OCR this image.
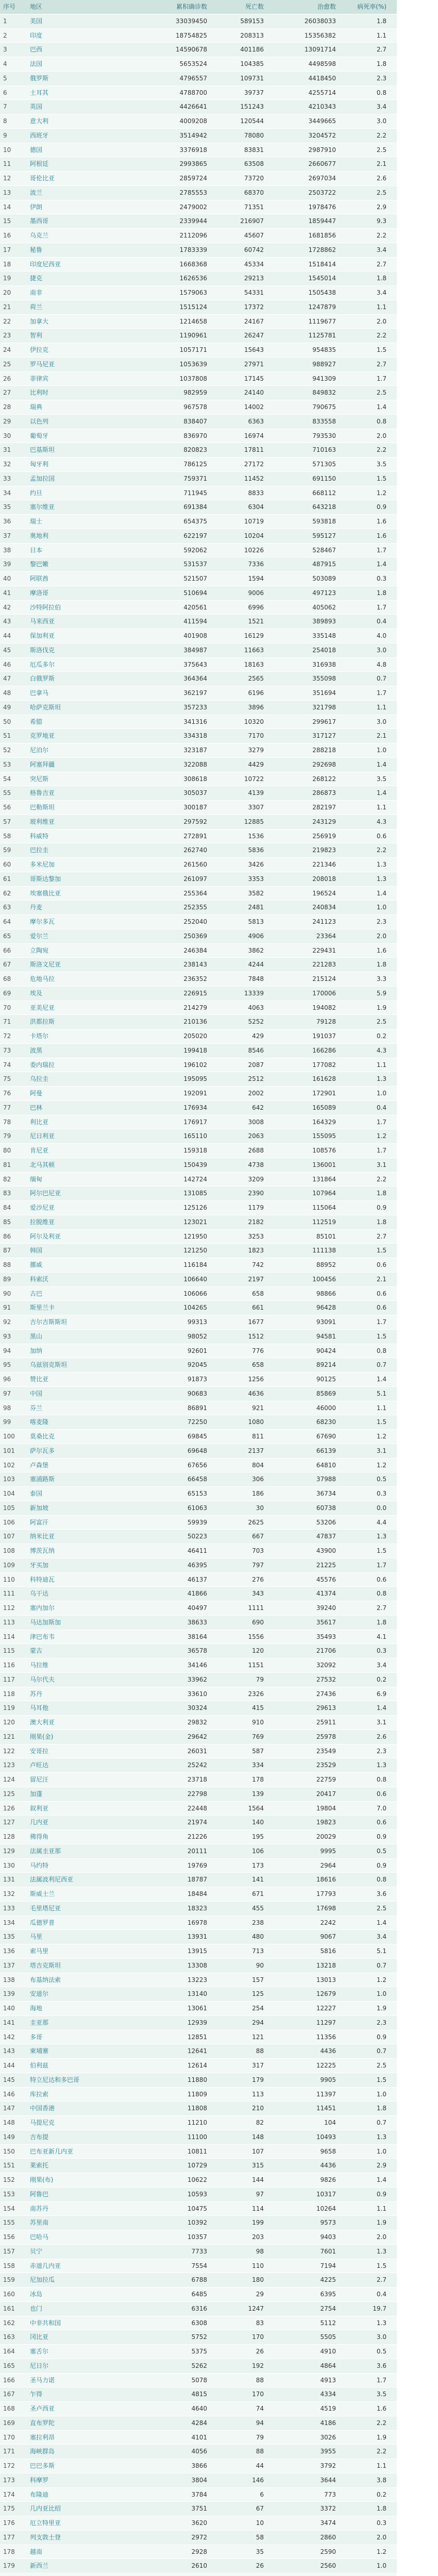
序号	地区	累积确诊数	死亡数	治愈数	病死率(%)
1	美国	33039450	589153	26038033	1.8
2	印度	18754825	208313	15356382	1.1
3	巴西	14590678	401186	13091714	2.7
4	法国	5653524	104385	4498598	1.8
5	俄罗斯	4796557	109731	4418450	2.3
6	土耳其	4788700	39737	4255714	0.8
7	英国	4426641	151243	4210343	3.4
8	意大利	4009208	120544	3449665	3.0
9	西班牙	3514942	78080	3204572	2.2
10	德国	3376918	83831	2987910	2.5
11	阿根廷	2993865	63508	2660677	2.1
12	哥伦比亚	2859724	73720	2697034	2.6
13	波兰	2785553	68370	2503722	2.5
14	伊朗	2479002	71351	1978476	2.9
15	墨西哥	2339944	216907	1859447	9.3
16	乌克兰	2112096	45607	1681856	2.2
17	秘鲁	1783339	60742	1728862	3.4
18	印度尼西亚	1668368	45334	1518414	2.7
19	捷克	1626536	29213	1545014	1.8
20	南非	1579063	54331	1505438	3.4
21	荷兰	1515124	17372	1247879	1.1
22	加拿大	1214658	24167	1119677	2.0
23	智利	1190961	26247	1125781	2.2
24	伊拉克	1057171	15643	954835	1.5
25	罗马尼亚	1053639	27971	988927	2.7
26	菲律宾	1037808	17145	941309	1.7
27	比利时	982959	24140	849832	2.5
28	瑞典	967578	14002	790675	1.4
29	以色列	838407	6363	833558	0.8
30	葡萄牙	836970	16974	793530	2.0
31	巴基斯坦	820823	17811	710163	2.2
32	匈牙利	786125	27172	571305	3.5
33	孟加拉国	759371	11452	691150	1.5
34	约旦	711945	8833	668112	1.2
35	塞尔维亚	691384	6304	643218	0.9
36	瑞士	654375	10719	593818	1.6
37	奥地利	622197	10204	595127	1.6
38	日本	592062	10226	528467	1.7
39	黎巴嫩	531537	7336	487915	1.4
40	阿联酋	521507	1594	503089	0.3
41	摩洛哥	510694	9006	497123	1.8
42	沙特阿拉伯	420561	6996	405062	1.7
43	马来西亚	411594	1521	389893	0.4
44	保加利亚	401908	16129	335148	4.0
45	斯洛伐克	384987	11663	254018	3.0
46	厄瓜多尔	375643	18163	316938	4.8
47	白俄罗斯	364364	2565	355098	0.7
48	巴拿马	362197	6196	351694	1.7
49	哈萨克斯坦	357233	3896	321798	1.1
50	希腊	341316	10320	299617	3.0
51	克罗地亚	334318	7170	317127	2.1
52	尼泊尔	323187	3279	288218	1.0
53	阿塞拜疆	322088	4429	292698	1.4
54	突尼斯	308618	10722	268122	3.5
55	格鲁吉亚	305037	4139	286873	1.4
56	巴勒斯坦	300187	3307	282197	1.1
57	玻利维亚	297592	12885	243129	4.3
58	科威特	272891	1536	256919	0.6
59	巴拉圭	262740	5836	219823	2.2
60	多米尼加	261560	3426	221346	1.3
61	哥斯达黎加	261097	3353	208018	1.3
62	埃塞俄比亚	255364	3582	196524	1.4
63	丹麦	252355	2481	240834	1.0
64	摩尔多瓦	252040	5813	241123	2.3
65	爱尔兰	250369	4906	23364	2.0
66	立陶宛	246384	3862	229431	1.6
67	斯洛文尼亚	238143	4244	221283	1.8
68	危地马拉	236352	7848	215124	3.3
69	埃及	226915	13339	170006	5.9
70	亚美尼亚	214279	4063	194082	1.9
71	洪都拉斯	210136	5252	79128	2.5
72	卡塔尔	205020	429	191037	0.2
73	波黑	199418	8546	166286	4.3
74	委内瑞拉	196102	2087	177082	1.1
75	乌拉圭	195095	2512	161628	1.3
76	阿曼	192091	2002	172901	1.0
77	巴林	176934	642	165089	0.4
78	利比亚	176917	3008	164329	1.7
79	尼日利亚	165110	2063	155095	1.2
80	肯尼亚	159318	2688	108576	1.7
81	北马其顿	150439	4738	136001	3.1
82	缅甸	142724	3209	131864	2.2
83	阿尔巴尼亚	131085	2390	107964	1.8
84	爱沙尼亚	125126	1179	115064	0.9
85	拉脱维亚	123021	2182	112519	1.8
86	阿尔及利亚	121950	3253	85101	2.7
87	韩国	121250	1823	111138	1.5
88	挪威	116184	742	88952	0.6
89	科索沃	106640	2197	100456	2.1
90	古巴	106066	658	98866	0.6
91	斯里兰卡	104265	661	96428	0.6
92	吉尔吉斯斯坦	99313	1677	93091	1.7
93	黑山	98052	1512	94581	1.5
94	加纳	92601	776	90424	0.8
95	乌兹别克斯坦	92045	658	89214	0.7
96	赞比亚	91873	1256	90125	1.4
97	中国	90683	4636	85869	5.1
98	芬兰	86891	921	46000	1.1
99	喀麦隆	72250	1080	68230	1.5
100	莫桑比克	69845	811	67690	1.2
101	萨尔瓦多	69648	2137	66139	3.1
102	卢森堡	67656	804	64810	1.2
103	塞浦路斯	66458	306	37988	0.5
104	泰国	65153	186	36734	0.3
105	新加坡	61063	30	60738	0.0
106	阿富汗	59939	2625	53206	4.4
107	纳米比亚	50223	667	47837	1.3
108	博茨瓦纳	46411	703	43900	1.5
109	牙买加	46395	797	21225	1.7
110	科特迪瓦	46137	276	45576	0.6
111	乌干达	41866	343	41374	0.8
112	塞内加尔	40497	1111	39240	2.7
113	马达加斯加	38633	690	35617	1.8
114	津巴布韦	38164	1556	35493	4.1
115	蒙古	36578	120	21706	0.3
116	马拉维	34146	1151	32092	3.4
117	马尔代夫	33962	79	27532	0.2
118	苏丹	33610	2326	27436	6.9
119	马耳他	30324	415	29613	1.4
120	澳大利亚	29832	910	25911	3.1
121	刚果(金)	29642	769	25978	2.6
122	安哥拉	26031	587	23549	2.3
123	卢旺达	25242	334	23529	1.3
124	留尼汪	23718	178	22759	0.8
125	加蓬	22798	139	20417	0.6
126	叙利亚	22448	1564	19804	7.0
127	几内亚	21974	140	19823	0.6
128	佛得角	21226	195	20029	0.9
129	法属圭亚那	20111	106	9995	0.5
130	马约特	19769	173	2964	0.9
131	法属波利尼西亚	18787	141	18616	0.8
132	斯威士兰	18484	671	17793	3.6
133	毛里塔尼亚	18323	455	17698	2.5
134	瓜德罗普	16978	238	2242	1.4
135	马里	13931	480	9067	3.4
136	索马里	13915	713	5816	5.1
137	塔吉克斯坦	13308	90	13218	0.7
138	布基纳法索	13223	157	13013	1.2
139	安道尔	13140	125	12679	1.0
140	海地	13061	254	12227	1.9
141	圭亚那	12939	294	11297	2.3
142	多哥	12851	121	11356	0.9
143	柬埔寨	12641	88	4436	0.7
144	伯利兹	12614	317	12225	2.5
145	特立尼达和多巴哥	11880	179	9905	1.5
146	库拉索	11809	113	11397	1.0
147	中国香港	11808	210	11451	1.8
148	马提尼克	11210	82	104	0.7
149	吉布提	11100	148	10493	1.3
150	巴布亚新几内亚	10811	107	9658	1.0
151	莱索托	10729	315	4436	2.9
152	刚果(布)	10622	144	9826	1.4
153	阿鲁巴	10593	97	10317	0.9
154	南苏丹	10475	114	10264	1.1
155	苏里南	10392	199	9573	1.9
156	巴哈马	10357	203	9403	2.0
157	贝宁	7733	98	7601	1.3
158	赤道几内亚	7554	110	7194	1.5
159	尼加拉瓜	6788	180	4225	2.7
160	冰岛	6485	29	6395	0.4
161	也门	6316	1247	2754	19.7
162	中非共和国	6308	83	5112	1.3
163	冈比亚	5752	170	5505	3.0
164	塞舌尔	5375	26	4910	0.5
165	尼日尔	5262	192	4864	3.6
166	圣马力诺	5078	88	4913	1.7
167	乍得	4815	170	4334	3.5
168	圣卢西亚	4640	74	4519	1.6
169	直布罗陀	4284	94	4186	2.2
170	塞拉利昂	4101	79	3026	1.9
171	海峡群岛	4056	88	3955	2.2
172	巴巴多斯	3866	44	3792	1.1
173	科摩罗	3804	146	3644	3.8
174	布隆迪	3784	6	773	0.2
175	几内亚比绍	3751	67	3372	1.8
176	厄立特里亚	3620	10	3474	0.3
177	列支敦士登	2972	58	2860	2.0
178	越南	2928	35	2590	1.2
179	新西兰	2610	26	2560	1.0
